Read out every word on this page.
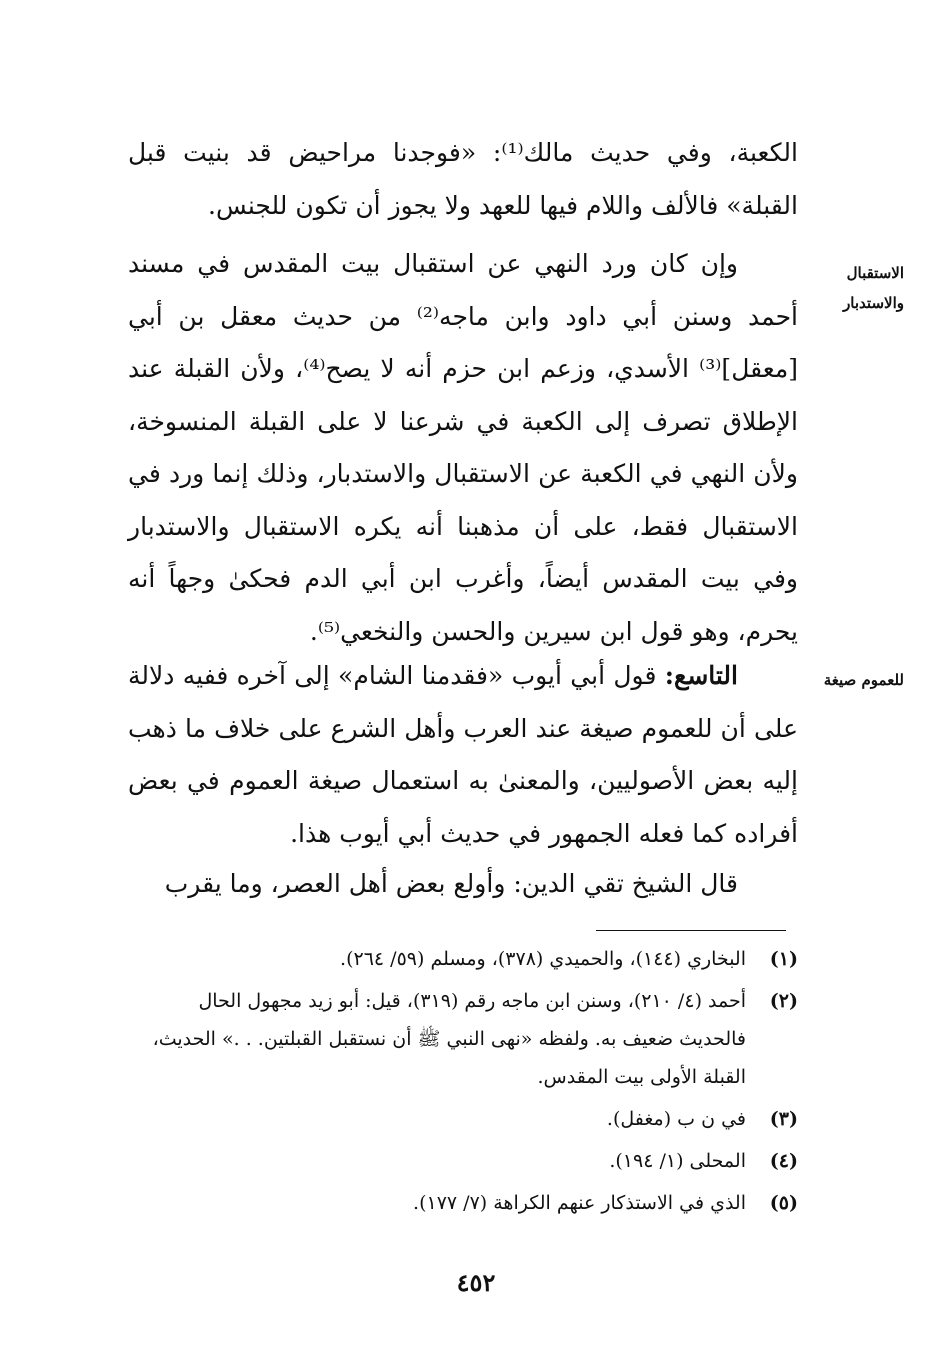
الكعبة، وفي حديث مالك⁽¹⁾: «فوجدنا مراحيض قد بنيت قبل القبلة» فالألف واللام فيها للعهد ولا يجوز أن تكون للجنس.

الاستقبال والاستدبار

وإن كان ورد النهي عن استقبال بيت المقدس في مسند أحمد وسنن أبي داود وابن ماجه⁽²⁾ من حديث معقل بن أبي [معقل]⁽³⁾ الأسدي، وزعم ابن حزم أنه لا يصح⁽⁴⁾، ولأن القبلة عند الإطلاق تصرف إلى الكعبة في شرعنا لا على القبلة المنسوخة، ولأن النهي في الكعبة عن الاستقبال والاستدبار، وذلك إنما ورد في الاستقبال فقط، على أن مذهبنا أنه يكره الاستقبال والاستدبار وفي بيت المقدس أيضاً، وأغرب ابن أبي الدم فحكىٰ وجهاً أنه يحرم، وهو قول ابن سيرين والحسن والنخعي⁽⁵⁾.

للعموم صيغة

التاسع: قول أبي أيوب «فقدمنا الشام» إلى آخره ففيه دلالة على أن للعموم صيغة عند العرب وأهل الشرع على خلاف ما ذهب إليه بعض الأصوليين، والمعنىٰ به استعمال صيغة العموم في بعض أفراده كما فعله الجمهور في حديث أبي أيوب هذا.

قال الشيخ تقي الدين: وأولع بعض أهل العصر، وما يقرب

(١)
البخاري (١٤٤)، والحميدي (٣٧٨)، ومسلم (٥٩/ ٢٦٤).

(٢)
أحمد (٤/ ٢١٠)، وسنن ابن ماجه رقم (٣١٩)، قيل: أبو زيد مجهول الحال فالحديث ضعيف به. ولفظه «نهى النبي ﷺ أن نستقبل القبلتين. . .» الحديث، القبلة الأولى بيت المقدس.

(٣)
في ن ب (مغفل).

(٤)
المحلى (١/ ١٩٤).

(٥)
الذي في الاستذكار عنهم الكراهة (٧/ ١٧٧).

٤٥٢
